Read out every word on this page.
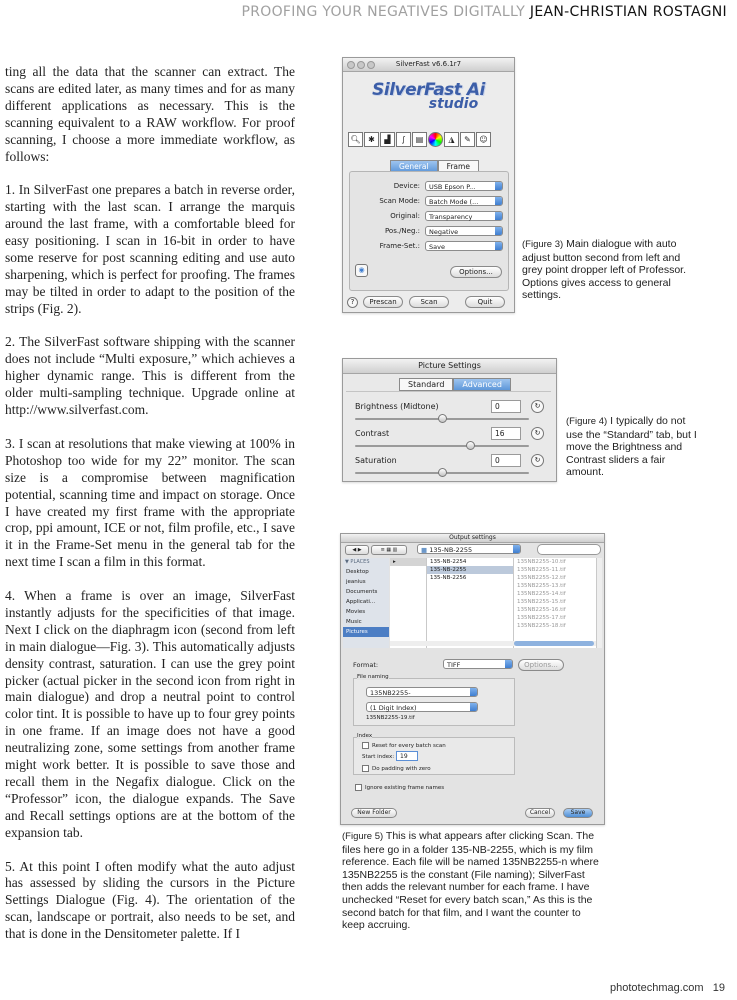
PROOFING YOUR NEGATIVES DIGITALLY JEAN-CHRISTIAN ROSTAGNI

ting all the data that the scanner can extract. The scans are edited later, as many times and for as many different applications as necessary. This is the scanning equivalent to a RAW workflow. For proof scanning, I choose a more immediate workflow, as follows:

1. In SilverFast one prepares a batch in reverse order, starting with the last scan. I arrange the marquis around the last frame, with a comfortable bleed for easy positioning. I scan in 16-bit in order to have some reserve for post scanning editing and use auto sharpening, which is perfect for proofing. The frames may be tilted in order to adapt to the position of the strips (Fig. 2).

2. The SilverFast software shipping with the scanner does not include “Multi exposure,” which achieves a higher dynamic range. This is different from the older multi-sampling technique. Upgrade online at http://www.silverfast.com.

3. I scan at resolutions that make viewing at 100% in Photoshop too wide for my 22” monitor. The scan size is a compromise between magnification potential, scanning time and impact on storage. Once I have created my first frame with the appropriate crop, ppi amount, ICE or not, film profile, etc., I save it in the Frame-Set menu in the general tab for the next time I scan a film in this format.

4. When a frame is over an image, SilverFast instantly adjusts for the specificities of that image. Next I click on the diaphragm icon (second from left in main dialogue—Fig. 3). This automatically adjusts density contrast, saturation. I can use the grey point picker (actual picker in the second icon from right in main dialogue) and drop a neutral point to control color tint. It is possible to have up to four grey points in one frame. If an image does not have a good neutralizing zone, some settings from another frame might work better. It is possible to save those and recall them in the Negafix dialogue. Click on the “Professor” icon, the dialogue expands. The Save and Recall settings options are at the bottom of the expansion tab.

5. At this point I often modify what the auto adjust has assessed by sliding the cursors in the Picture Settings Dialogue (Fig. 4). The orientation of the scan, landscape or portrait, also needs to be set, and that is done in the Densitometer palette. If I

SilverFast v6.6.1r7
SilverFast Ai
studio
🔍︎ ✱ ▟ ∫ ▤	◮ ✎ ☺
General	Frame
Device:	USB Epson P...
Scan Mode:	Batch Mode (...
Original:	Transparency
Pos./Neg.:	Negative
Frame-Set.:	Save
◉	Options...
?	Prescan	Scan	Quit
(Figure 3) Main dialogue with auto adjust button second from left and grey point dropper left of Professor. Options gives access to general settings.
Picture Settings
Standard	Advanced
Brightness (Midtone)	0	↻
Contrast	16	↻
Saturation	0	↻
(Figure 4) I typically do not use the “Standard” tab, but I move the Brightness and Contrast sliders a fair amount.
Output settings
◀ ▶	≡ ▦ ▥	■ 135-NB-2255
▼ PLACES
Desktop
jeanius
Documents
Applicati...
Movies
Music
Pictures
▸	135-NB-2254
135-NB-2255
135-NB-2256
135NB2255-10.tif
135NB2255-11.tif
135NB2255-12.tif
135NB2255-13.tif
135NB2255-14.tif
135NB2255-15.tif
135NB2255-16.tif
135NB2255-17.tif
135NB2255-18.tif
Format:	TIFF	Options...
File naming
135NB2255-
(1 Digit Index)
135NB2255-19.tif
Index
Reset for every batch scan
Start index: 19
Do padding with zero
Ignore existing frame names
New Folder	Cancel	Save
(Figure 5) This is what appears after clicking Scan. The files here go in a folder 135-NB-2255, which is my film reference. Each file will be named 135NB2255-n where 135NB2255 is the constant (File naming); SilverFast then adds the relevant number for each frame. I have unchecked “Reset for every batch scan,” As this is the second batch for that film, and I want the counter to keep accruing.
phototechmag.com 19
